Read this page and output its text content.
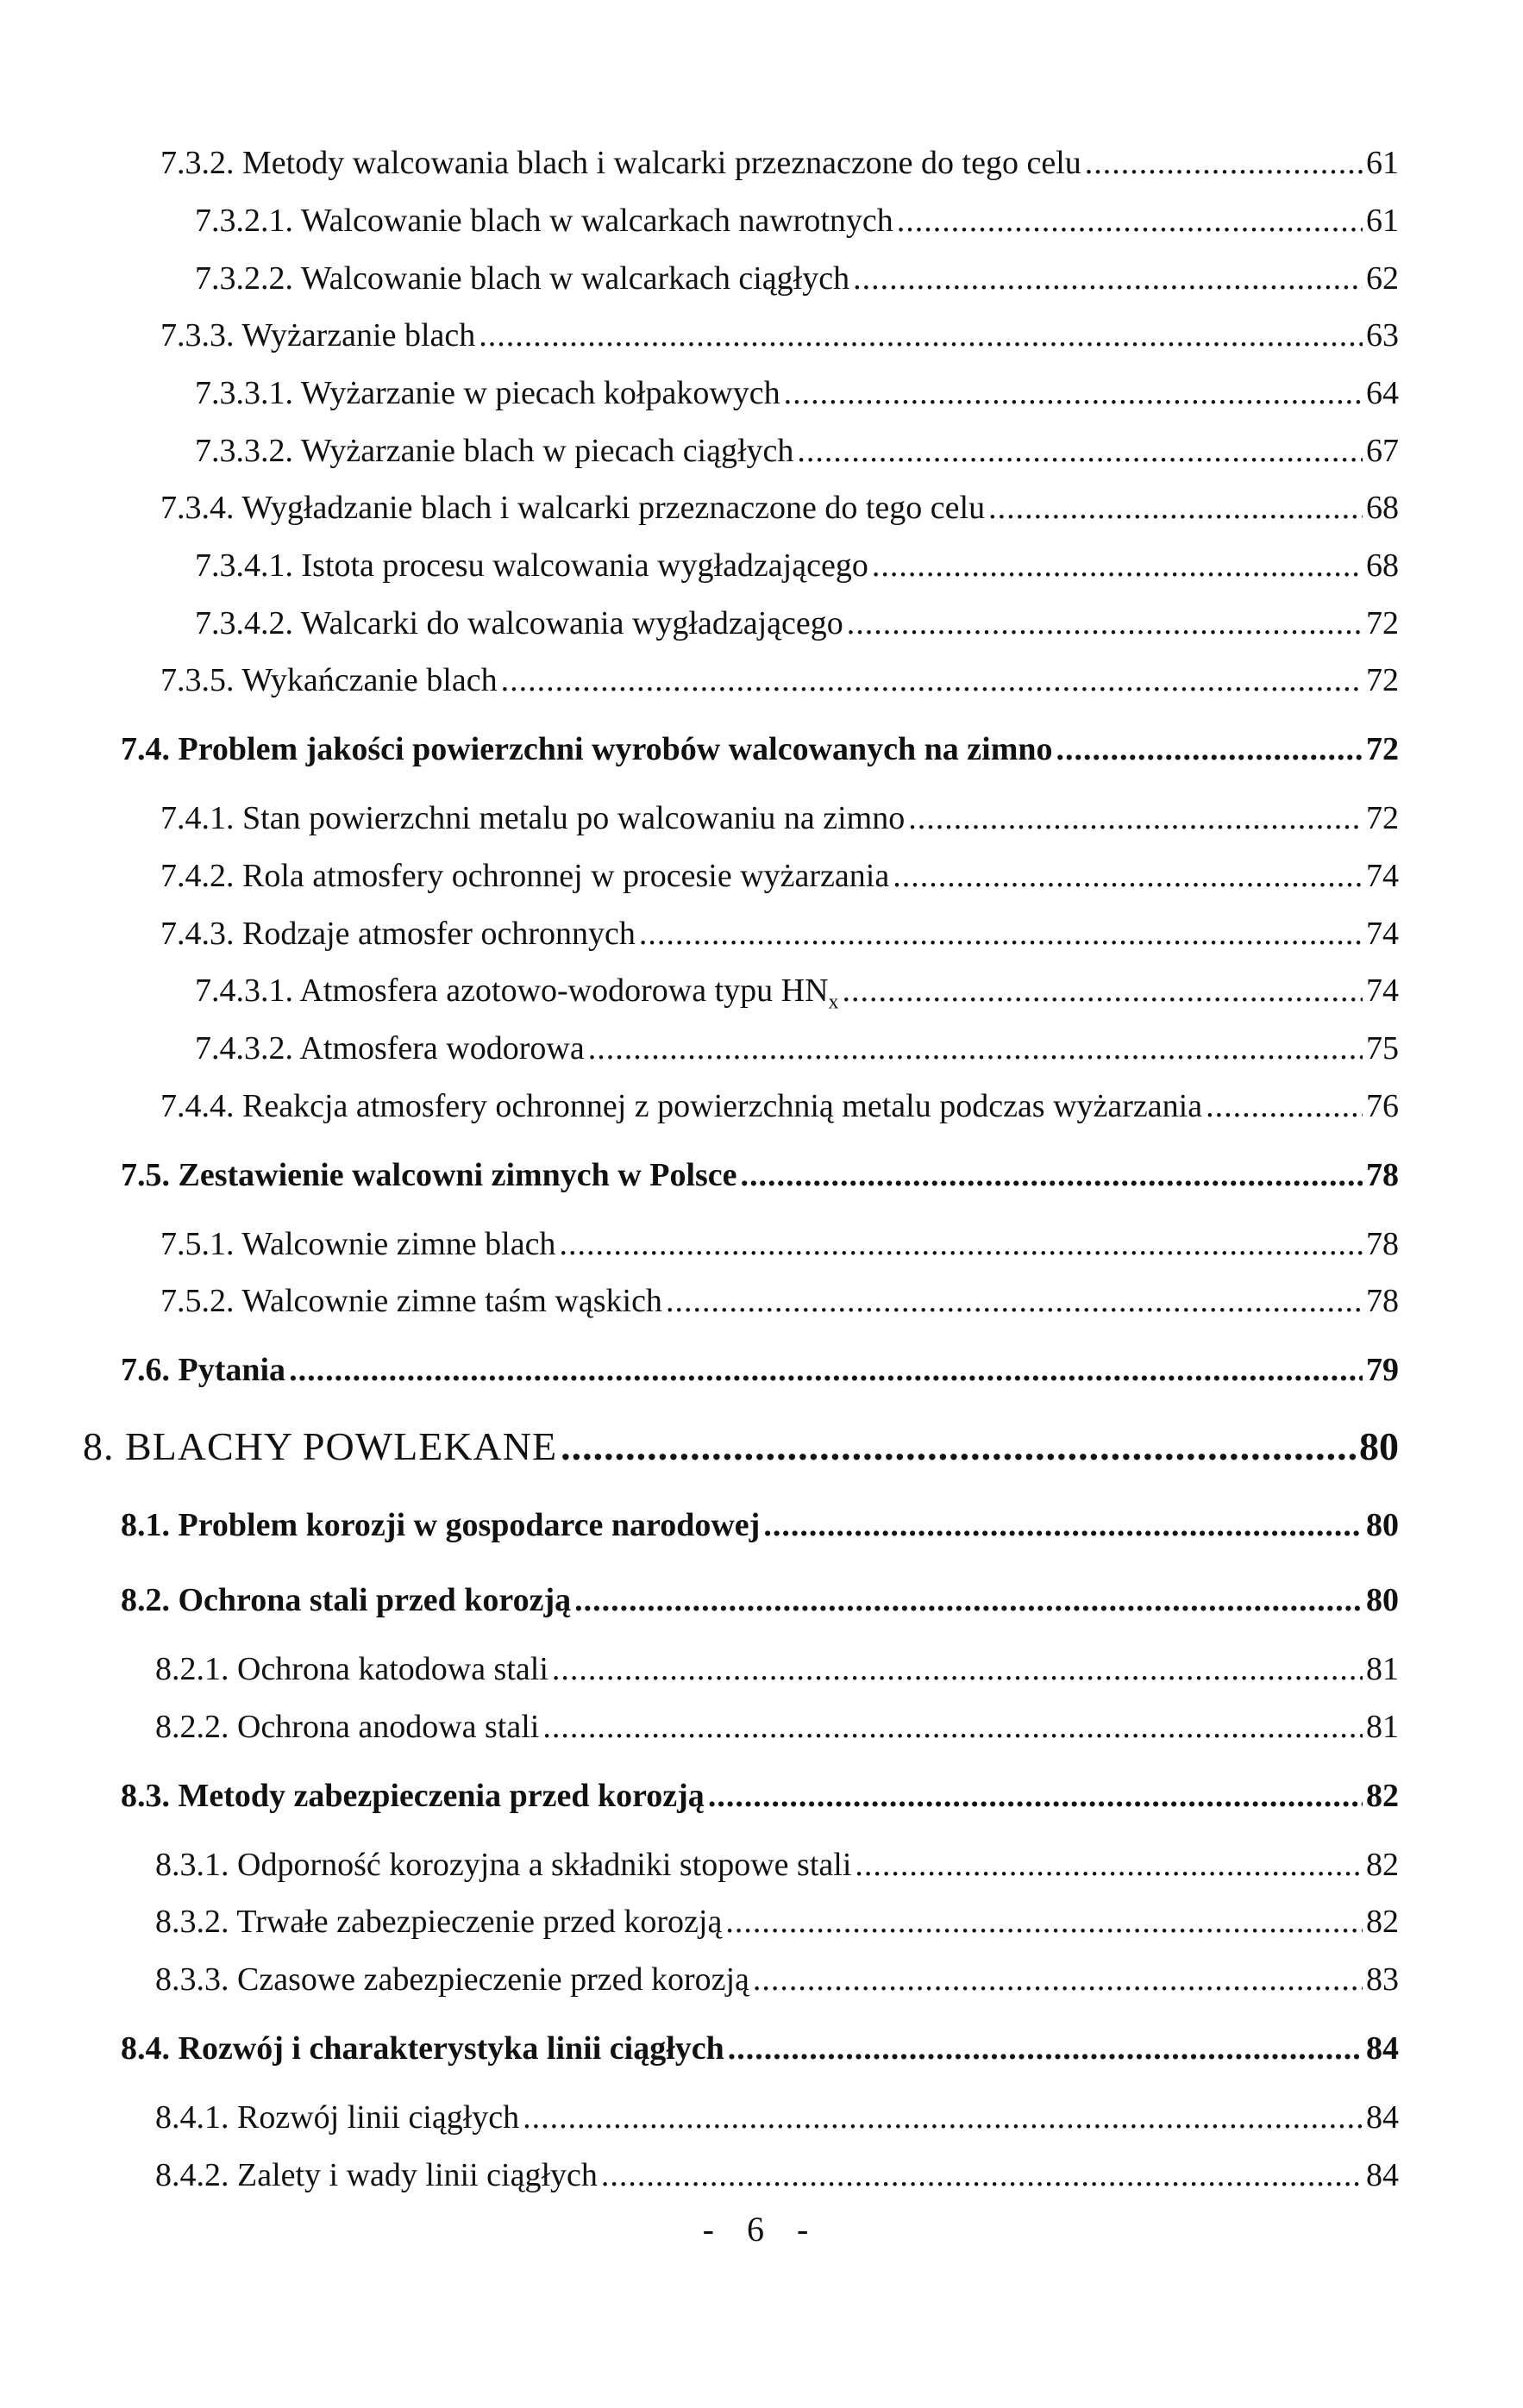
7.3.2. Metody walcowania blach i walcarki przeznaczone do tego celu .....	61
7.3.2.1. Walcowanie blach w walcarkach nawrotnych .....	61
7.3.2.2. Walcowanie blach w walcarkach ciągłych .....	62
7.3.3. Wyżarzanie blach .....	63
7.3.3.1. Wyżarzanie w piecach kołpakowych .....	64
7.3.3.2. Wyżarzanie blach w piecach ciągłych .....	67
7.3.4. Wygładzanie blach i walcarki przeznaczone do tego celu .....	68
7.3.4.1. Istota procesu walcowania wygładzającego .....	68
7.3.4.2. Walcarki do walcowania wygładzającego .....	72
7.3.5. Wykańczanie blach .....	72
7.4. Problem jakości powierzchni wyrobów walcowanych na zimno .....	72
7.4.1. Stan powierzchni metalu po walcowaniu na zimno .....	72
7.4.2. Rola atmosfery ochronnej w procesie wyżarzania .....	74
7.4.3. Rodzaje atmosfer ochronnych .....	74
7.4.3.1. Atmosfera azotowo-wodorowa typu $HN_x$ .....	74
7.4.3.2. Atmosfera wodorowa .....	75
7.4.4. Reakcja atmosfery ochronnej z powierzchnią metalu podczas wyżarzania .....	76
7.5. Zestawienie walcowni zimnych w Polsce .....	78
7.5.1. Walcownie zimne blach .....	78
7.5.2. Walcownie zimne taśm wąskich .....	78
7.6. Pytania .....	79
8. BLACHY POWLEKANE .....	80
8.1. Problem korozji w gospodarce narodowej .....	80
8.2. Ochrona stali przed korozją .....	80
8.2.1. Ochrona katodowa stali .....	81
8.2.2. Ochrona anodowa stali .....	81
8.3. Metody zabezpieczenia przed korozją .....	82
8.3.1. Odporność korozyjna a składniki stopowe stali .....	82
8.3.2. Trwałe zabezpieczenie przed korozją .....	82
8.3.3. Czasowe zabezpieczenie przed korozją .....	83
8.4. Rozwój i charakterystyka linii ciągłych .....	84
8.4.1. Rozwój linii ciągłych .....	84
8.4.2. Zalety i wady linii ciągłych .....	84
- 6 -
